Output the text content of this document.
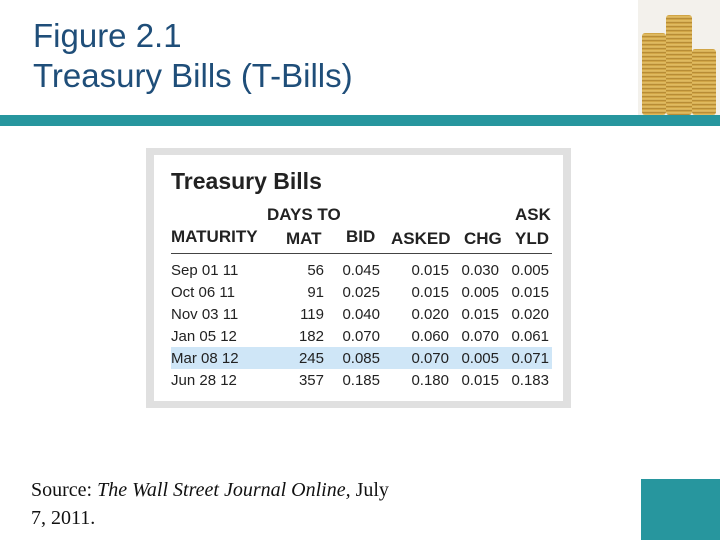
Figure 2.1
Treasury Bills (T-Bills)
Treasury Bills
DAYS TO	ASK
MATURITY MAT BID ASKED CHG YLD
Sep 01 11	56	0.045	0.015 0.030 0.005
Oct 06 11	91	0.025	0.015 0.005 0.015
Nov 03 11	119	0.040	0.020 0.015 0.020
Jan 05 12	182	0.070	0.060 0.070 0.061
Mar 08 12	245	0.085	0.070 0.005 0.071
Jun 28 12	357	0.185	0.180 0.015 0.183
Source: The Wall Street Journal Online, July
7, 2011.
